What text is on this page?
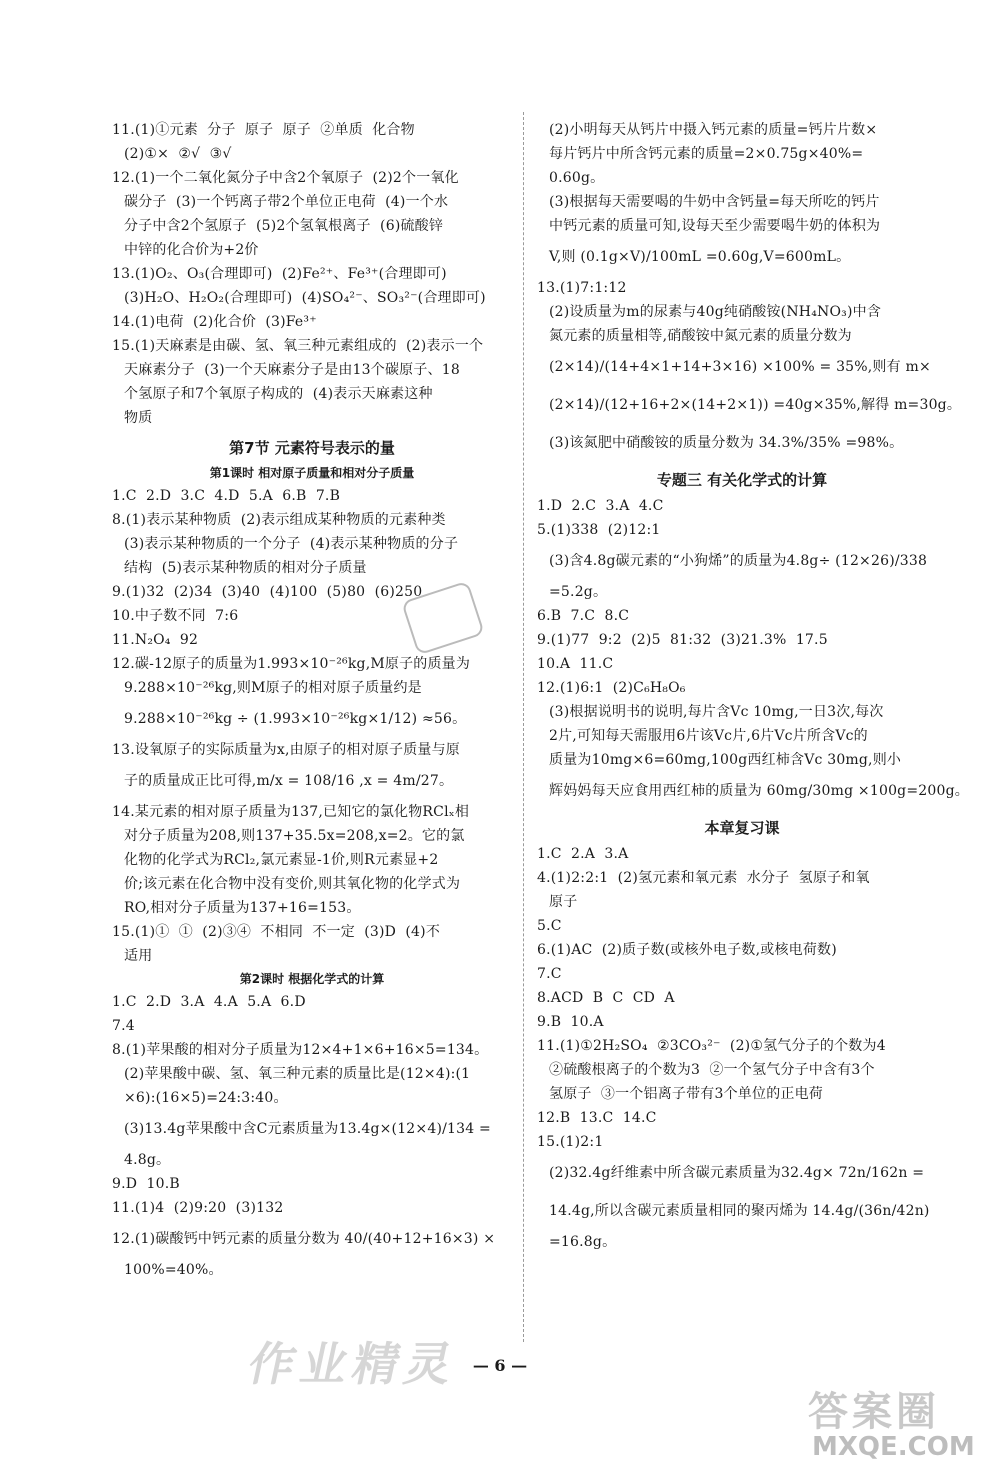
11.(1)①元素  分子  原子  原子  ②单质  化合物
(2)①×  ②√  ③√
12.(1)一个二氧化氮分子中含2个氧原子  (2)2个一氧化
碳分子  (3)一个钙离子带2个单位正电荷  (4)一个水
分子中含2个氢原子  (5)2个氢氧根离子  (6)硫酸锌
中锌的化合价为+2价
13.(1)O₂、O₃(合理即可)  (2)Fe²⁺、Fe³⁺(合理即可)
(3)H₂O、H₂O₂(合理即可)  (4)SO₄²⁻、SO₃²⁻(合理即可)
14.(1)电荷  (2)化合价  (3)Fe³⁺
15.(1)天麻素是由碳、氢、氧三种元素组成的  (2)表示一个
天麻素分子  (3)一个天麻素分子是由13个碳原子、18
个氢原子和7个氧原子构成的  (4)表示天麻素这种
物质
第7节 元素符号表示的量
第1课时 相对原子质量和相对分子质量
1.C  2.D  3.C  4.D  5.A  6.B  7.B
8.(1)表示某种物质  (2)表示组成某种物质的元素种类
(3)表示某种物质的一个分子  (4)表示某种物质的分子
结构  (5)表示某种物质的相对分子质量
9.(1)32  (2)34  (3)40  (4)100  (5)80  (6)250
10.中子数不同  7:6
11.N₂O₄  92
12.碳-12原子的质量为1.993×10⁻²⁶kg,M原子的质量为
9.288×10⁻²⁶kg,则M原子的相对原子质量约是
9.288×10⁻²⁶kg ÷ (1.993×10⁻²⁶kg×1/12) ≈56。
13.设氧原子的实际质量为x,由原子的相对原子质量与原
子的质量成正比可得,m/x = 108/16 ,x = 4m/27。
14.某元素的相对原子质量为137,已知它的氯化物RClₓ相
对分子质量为208,则137+35.5x=208,x=2。它的氯
化物的化学式为RCl₂,氯元素显-1价,则R元素显+2
价;该元素在化合物中没有变价,则其氧化物的化学式为
RO,相对分子质量为137+16=153。
15.(1)①  ①  (2)③④  不相同  不一定  (3)D  (4)不
适用
第2课时 根据化学式的计算
1.C  2.D  3.A  4.A  5.A  6.D
7.4
8.(1)苹果酸的相对分子质量为12×4+1×6+16×5=134。
(2)苹果酸中碳、氢、氧三种元素的质量比是(12×4):(1
×6):(16×5)=24:3:40。
(3)13.4g苹果酸中含C元素质量为13.4g×(12×4)/134 =
4.8g。
9.D  10.B
11.(1)4  (2)9:20  (3)132
12.(1)碳酸钙中钙元素的质量分数为 40/(40+12+16×3) ×
100%=40%。
(2)小明每天从钙片中摄入钙元素的质量=钙片片数×
每片钙片中所含钙元素的质量=2×0.75g×40%=
0.60g。
(3)根据每天需要喝的牛奶中含钙量=每天所吃的钙片
中钙元素的质量可知,设每天至少需要喝牛奶的体积为
V,则 (0.1g×V)/100mL =0.60g,V=600mL。
13.(1)7:1:12
(2)设质量为m的尿素与40g纯硝酸铵(NH₄NO₃)中含
氮元素的质量相等,硝酸铵中氮元素的质量分数为
(2×14)/(14+4×1+14+3×16) ×100% = 35%,则有 m×
(2×14)/(12+16+2×(14+2×1)) =40g×35%,解得 m=30g。
(3)该氮肥中硝酸铵的质量分数为 34.3%/35% =98%。
专题三 有关化学式的计算
1.D  2.C  3.A  4.C
5.(1)338  (2)12:1
(3)含4.8g碳元素的“小狗烯”的质量为4.8g÷ (12×26)/338
=5.2g。
6.B  7.C  8.C
9.(1)77  9:2  (2)5  81:32  (3)21.3%  17.5
10.A  11.C
12.(1)6:1  (2)C₆H₈O₆
(3)根据说明书的说明,每片含Vc 10mg,一日3次,每次
2片,可知每天需服用6片该Vc片,6片Vc片所含Vc的
质量为10mg×6=60mg,100g西红柿含Vc 30mg,则小
辉妈妈每天应食用西红柿的质量为 60mg/30mg ×100g=200g。
本章复习课
1.C  2.A  3.A
4.(1)2:2:1  (2)氢元素和氧元素  水分子  氢原子和氧
原子
5.C
6.(1)AC  (2)质子数(或核外电子数,或核电荷数)
7.C
8.ACD  B  C  CD  A
9.B  10.A
11.(1)①2H₂SO₄  ②3CO₃²⁻  (2)①氢气分子的个数为4
②硫酸根离子的个数为3  ②一个氢气分子中含有3个
氢原子  ③一个铝离子带有3个单位的正电荷
12.B  13.C  14.C
15.(1)2:1
(2)32.4g纤维素中所含碳元素质量为32.4g× 72n/162n =
14.4g,所以含碳元素质量相同的聚丙烯为 14.4g/(36n/42n)
=16.8g。
作业精灵
答案圈
MXQE.COM
— 6 —
